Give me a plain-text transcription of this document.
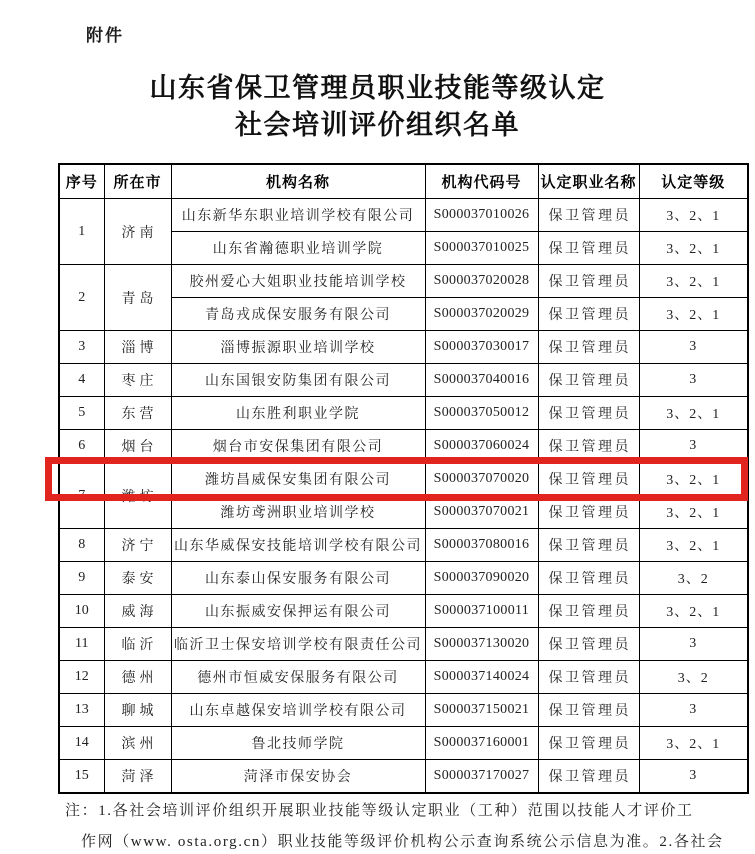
附件
山东省保卫管理员职业技能等级认定
社会培训评价组织名单
序号	所在市	机构名称	机构代码号	认定职业名称	认定等级
1	济南	山东新华东职业培训学校有限公司	S000037010026	保卫管理员	3、2、1
		山东省瀚德职业培训学院	S000037010025	保卫管理员	3、2、1
2	青岛	胶州爱心大姐职业技能培训学校	S000037020028	保卫管理员	3、2、1
		青岛戎成保安服务有限公司	S000037020029	保卫管理员	3、2、1
3	淄博	淄博振源职业培训学校	S000037030017	保卫管理员	3
4	枣庄	山东国银安防集团有限公司	S000037040016	保卫管理员	3
5	东营	山东胜利职业学院	S000037050012	保卫管理员	3、2、1
6	烟台	烟台市安保集团有限公司	S000037060024	保卫管理员	3
7	潍坊	潍坊昌威保安集团有限公司	S000037070020	保卫管理员	3、2、1
		潍坊鸢洲职业培训学校	S000037070021	保卫管理员	3、2、1
8	济宁	山东华威保安技能培训学校有限公司	S000037080016	保卫管理员	3、2、1
9	泰安	山东泰山保安服务有限公司	S000037090020	保卫管理员	3、2
10	威海	山东振威安保押运有限公司	S000037100011	保卫管理员	3、2、1
11	临沂	临沂卫士保安培训学校有限责任公司	S000037130020	保卫管理员	3
12	德州	德州市恒威安保服务有限公司	S000037140024	保卫管理员	3、2
13	聊城	山东卓越保安培训学校有限公司	S000037150021	保卫管理员	3
14	滨州	鲁北技师学院	S000037160001	保卫管理员	3、2、1
15	菏泽	菏泽市保安协会	S000037170027	保卫管理员	3
注：1.各社会培训评价组织开展职业技能等级认定职业（工种）范围以技能人才评价工
作网（www. osta.org.cn）职业技能等级评价机构公示查询系统公示信息为准。2.各社会
